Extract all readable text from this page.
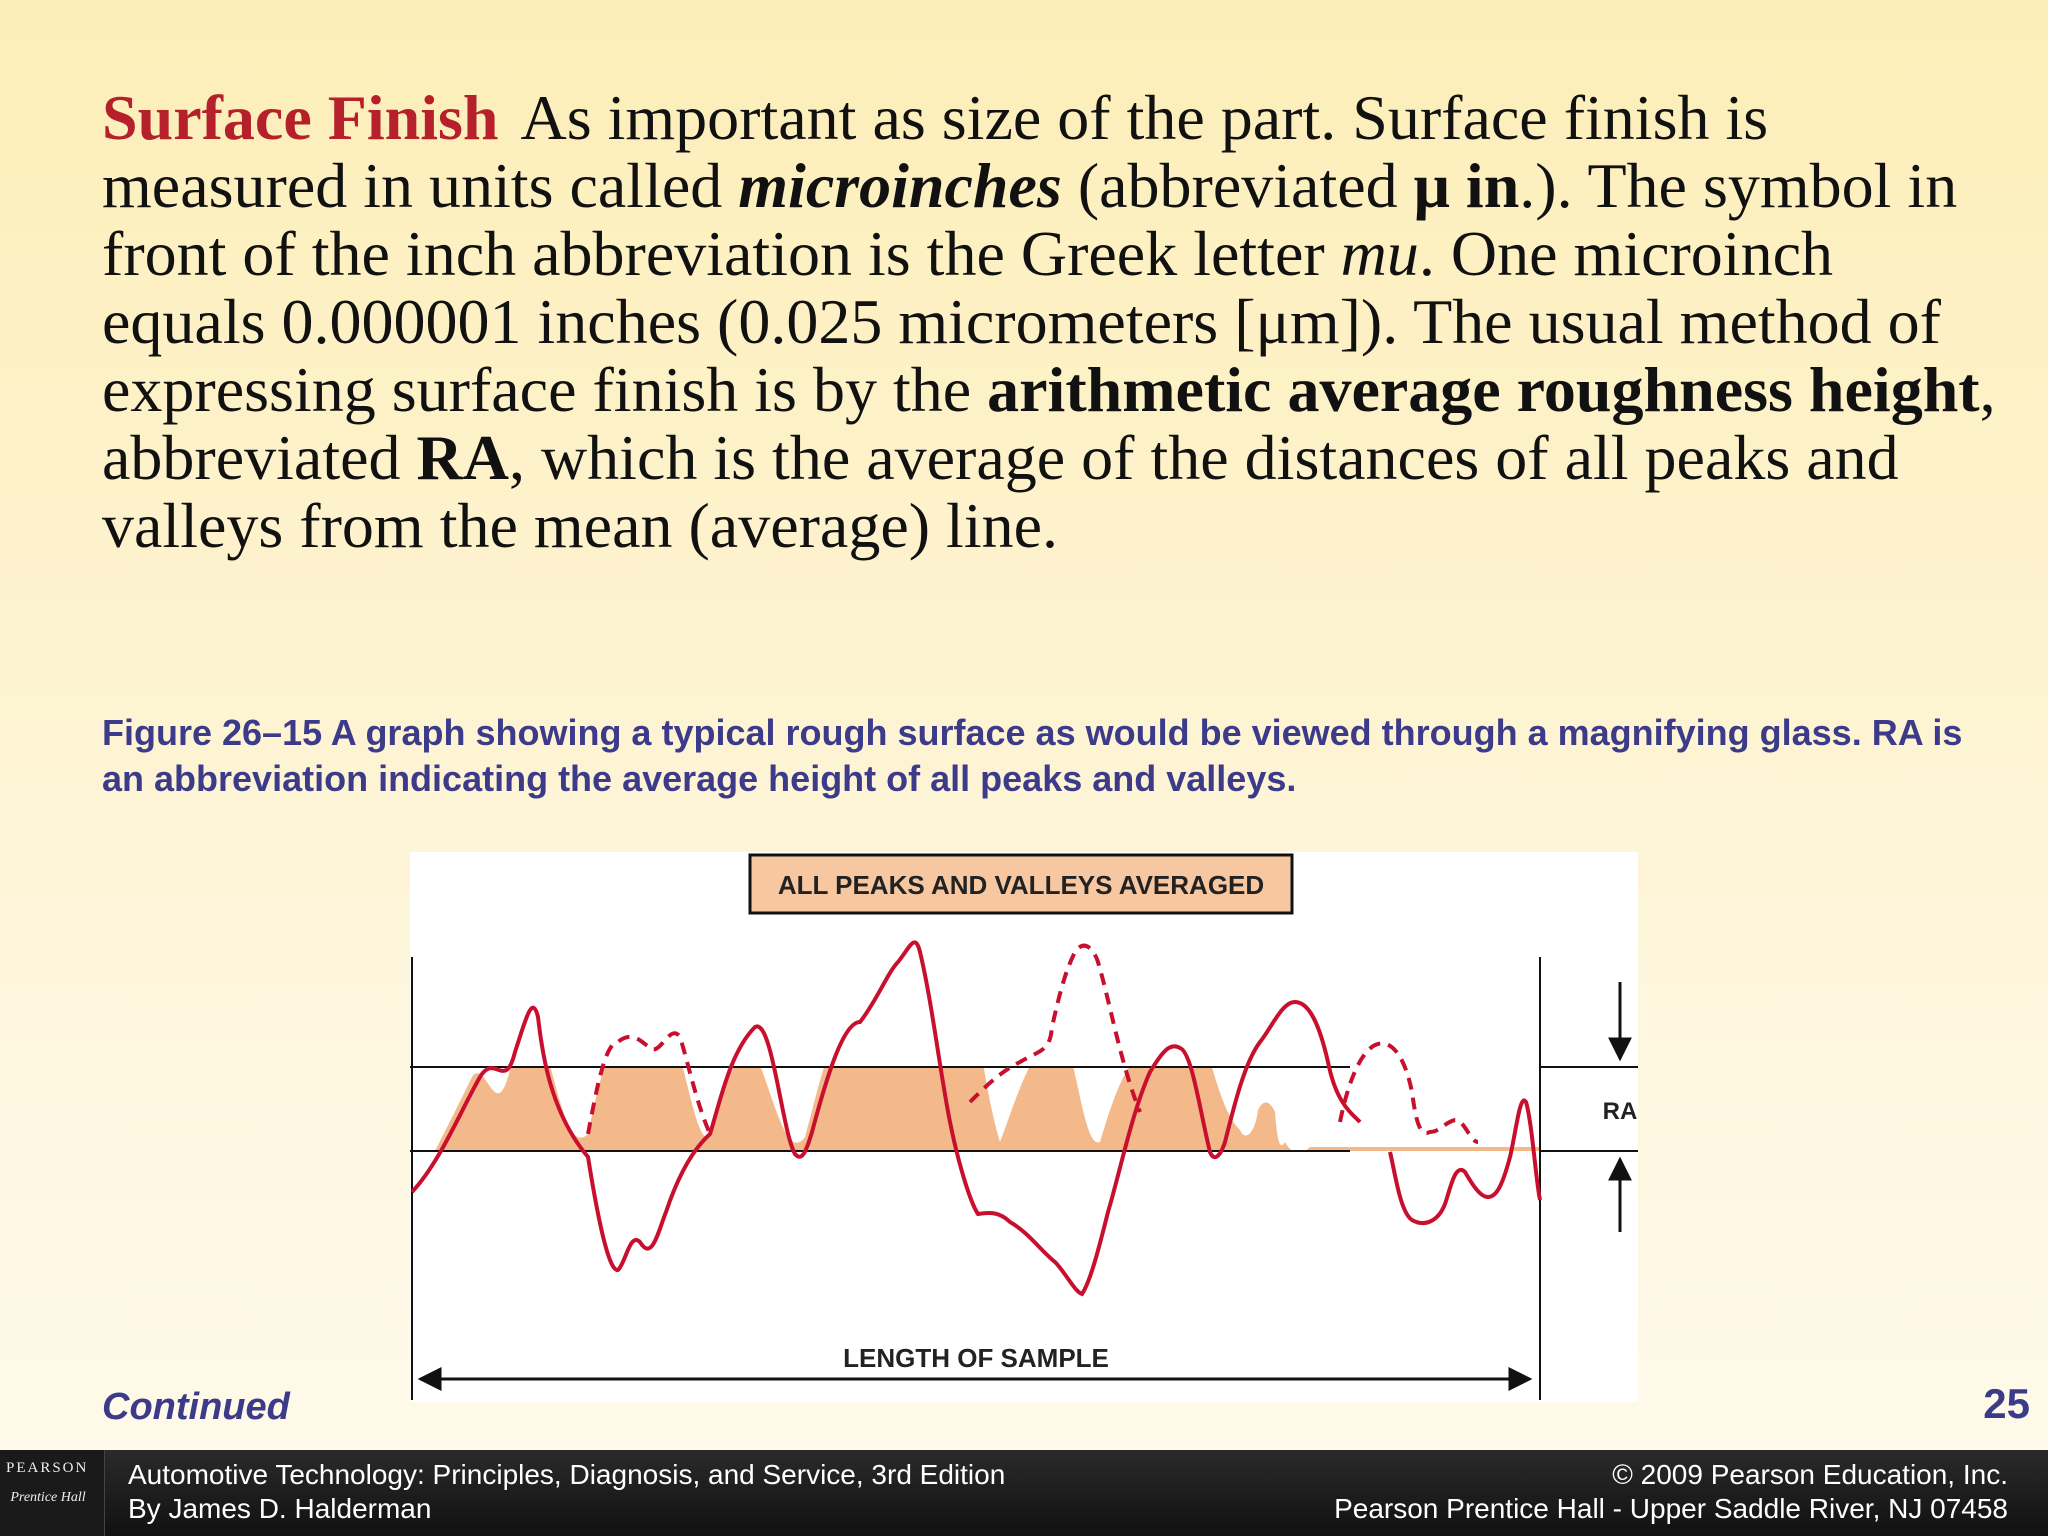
Surface Finish As important as size of the part. Surface finish is measured in units called microinches (abbreviated μ in.). The symbol in front of the inch abbreviation is the Greek letter mu. One microinch equals 0.000001 inches (0.025 micrometers [μm]). The usual method of expressing surface finish is by the arithmetic average roughness height, abbreviated RA, which is the average of the distances of all peaks and valleys from the mean (average) line.
Figure 26–15 A graph showing a typical rough surface as would be viewed through a magnifying glass. RA is an abbreviation indicating the average height of all peaks and valleys.
ALL PEAKS AND VALLEYS AVERAGED
RA
LENGTH OF SAMPLE
Continued	25
PEARSON
Prentice Hall
Automotive Technology: Principles, Diagnosis, and Service, 3rd Edition
By James D. Halderman
© 2009 Pearson Education, Inc.
Pearson Prentice Hall - Upper Saddle River, NJ 07458
